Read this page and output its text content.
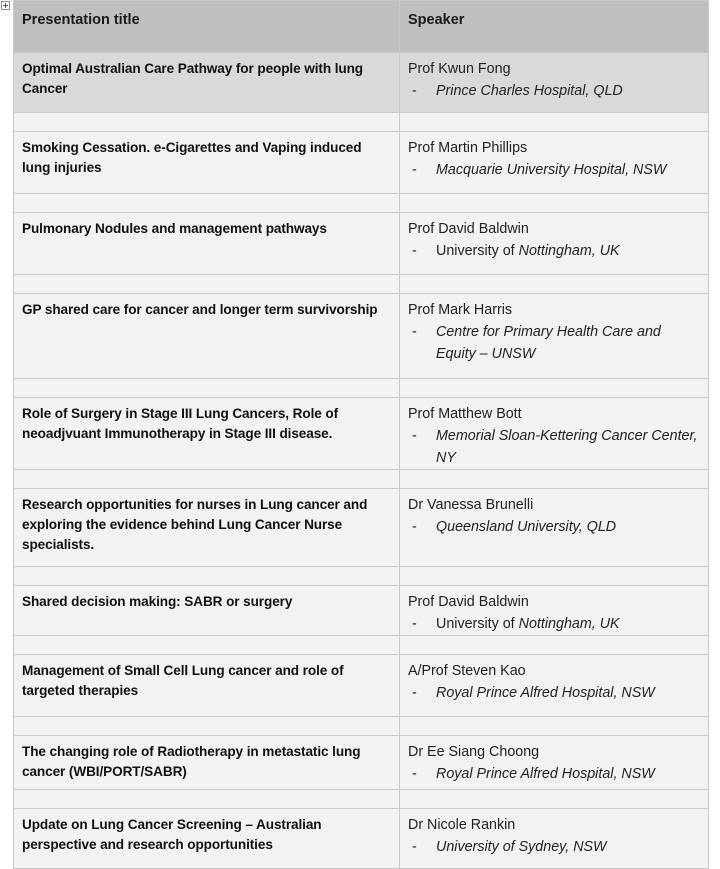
Presentation title	Speaker

Optimal Australian Care Pathway for people with lung Cancer	Prof Kwun Fong
- Prince Charles Hospital, QLD

Smoking Cessation. e-Cigarettes and Vaping induced lung injuries	Prof Martin Phillips
- Macquarie University Hospital, NSW

Pulmonary Nodules and management pathways	Prof David Baldwin
- University of Nottingham, UK

GP shared care for cancer and longer term survivorship	Prof Mark Harris
- Centre for Primary Health Care and Equity – UNSW

Role of Surgery in Stage III Lung Cancers, Role of neoadjvuant Immunotherapy in Stage III disease.	Prof Matthew Bott
- Memorial Sloan-Kettering Cancer Center, NY

Research opportunities for nurses in Lung cancer and exploring the evidence behind Lung Cancer Nurse specialists.	Dr Vanessa Brunelli
- Queensland University, QLD

Shared decision making: SABR or surgery	Prof David Baldwin
- University of Nottingham, UK

Management of Small Cell Lung cancer and role of targeted therapies	A/Prof Steven Kao
- Royal Prince Alfred Hospital, NSW

The changing role of Radiotherapy in metastatic lung cancer (WBI/PORT/SABR)	Dr Ee Siang Choong
- Royal Prince Alfred Hospital, NSW

Update on Lung Cancer Screening – Australian perspective and research opportunities	Dr Nicole Rankin
- University of Sydney, NSW
